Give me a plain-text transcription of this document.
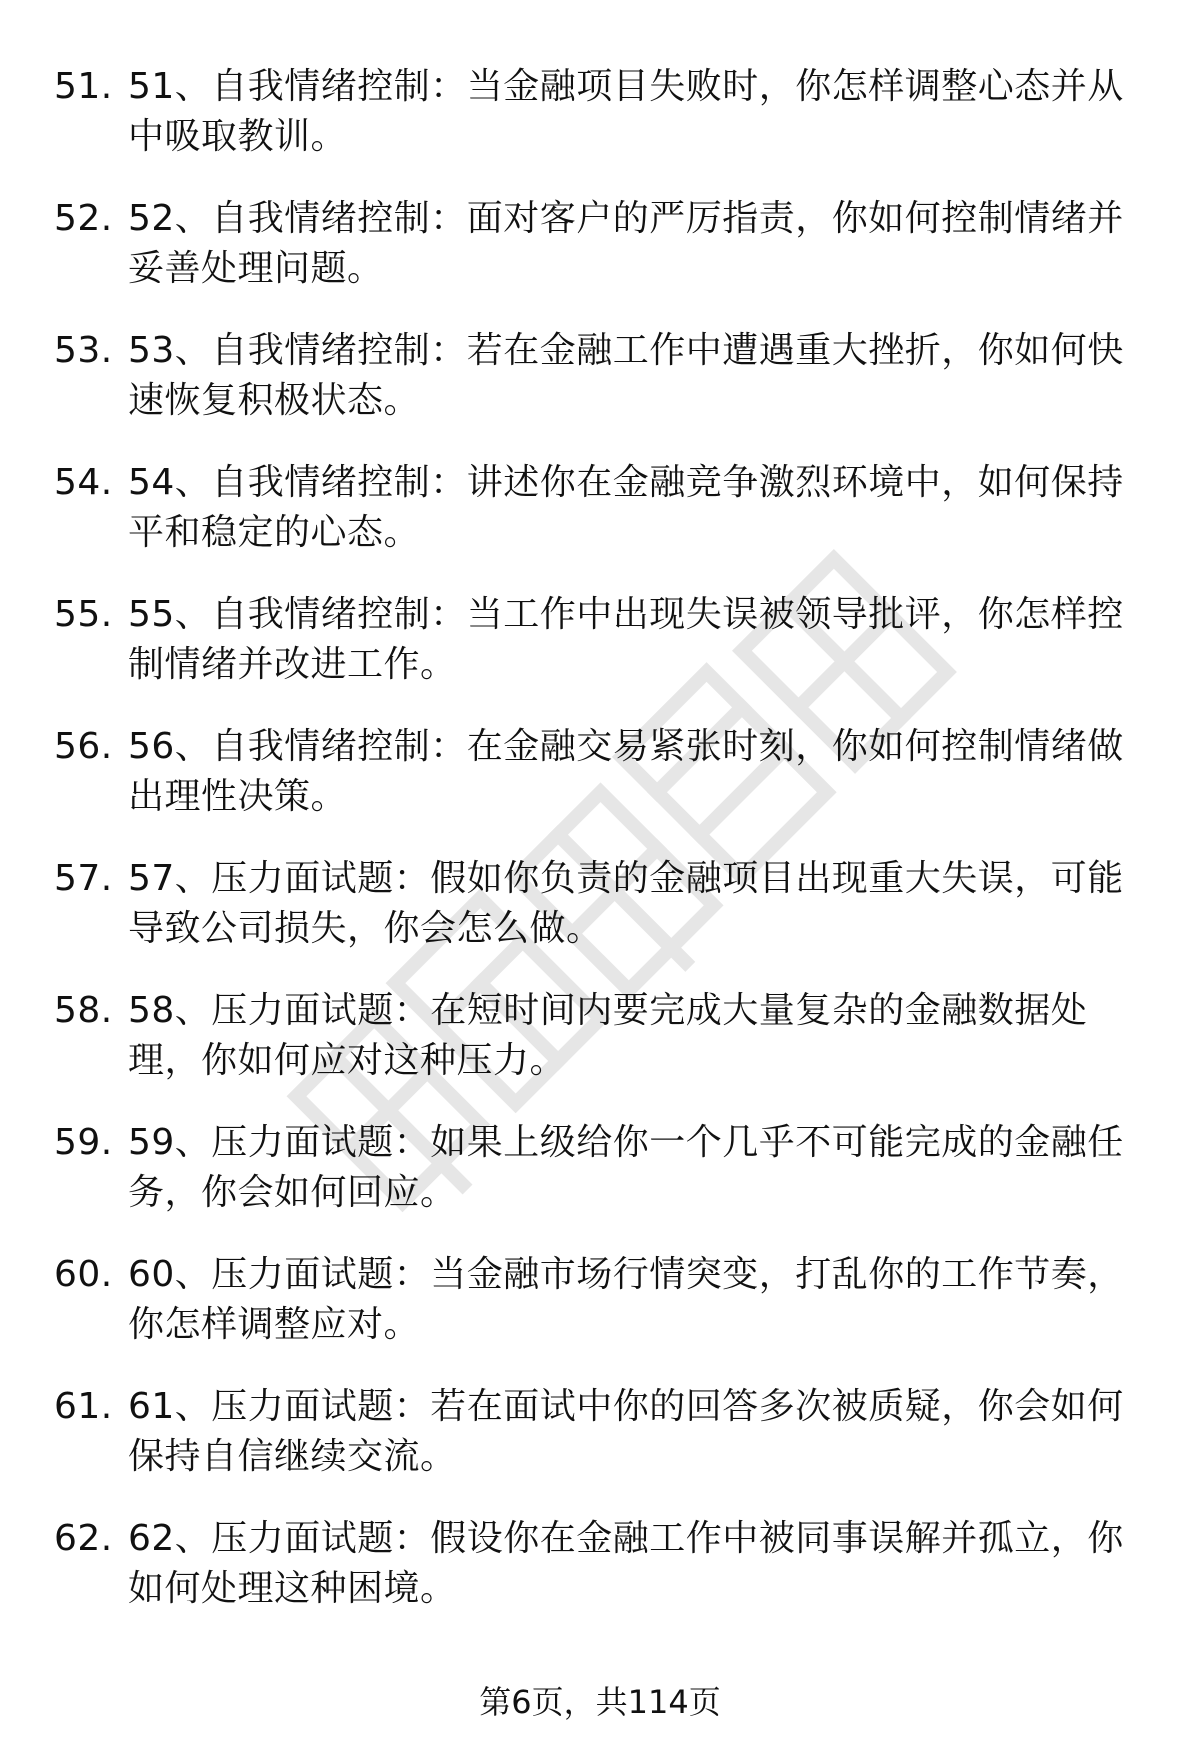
51. 51、自我情绪控制：当金融项目失败时，你怎样调整心态并从中吸取教训。
52. 52、自我情绪控制：面对客户的严厉指责，你如何控制情绪并妥善处理问题。
53. 53、自我情绪控制：若在金融工作中遭遇重大挫折，你如何快速恢复积极状态。
54. 54、自我情绪控制：讲述你在金融竞争激烈环境中，如何保持平和稳定的心态。
55. 55、自我情绪控制：当工作中出现失误被领导批评，你怎样控制情绪并改进工作。
56. 56、自我情绪控制：在金融交易紧张时刻，你如何控制情绪做出理性决策。
57. 57、压力面试题：假如你负责的金融项目出现重大失误，可能导致公司损失，你会怎么做。
58. 58、压力面试题：在短时间内要完成大量复杂的金融数据处理，你如何应对这种压力。
59. 59、压力面试题：如果上级给你一个几乎不可能完成的金融任务，你会如何回应。
60. 60、压力面试题：当金融市场行情突变，打乱你的工作节奏，你怎样调整应对。
61. 61、压力面试题：若在面试中你的回答多次被质疑，你会如何保持自信继续交流。
62. 62、压力面试题：假设你在金融工作中被同事误解并孤立，你如何处理这种困境。
第6页，共114页
